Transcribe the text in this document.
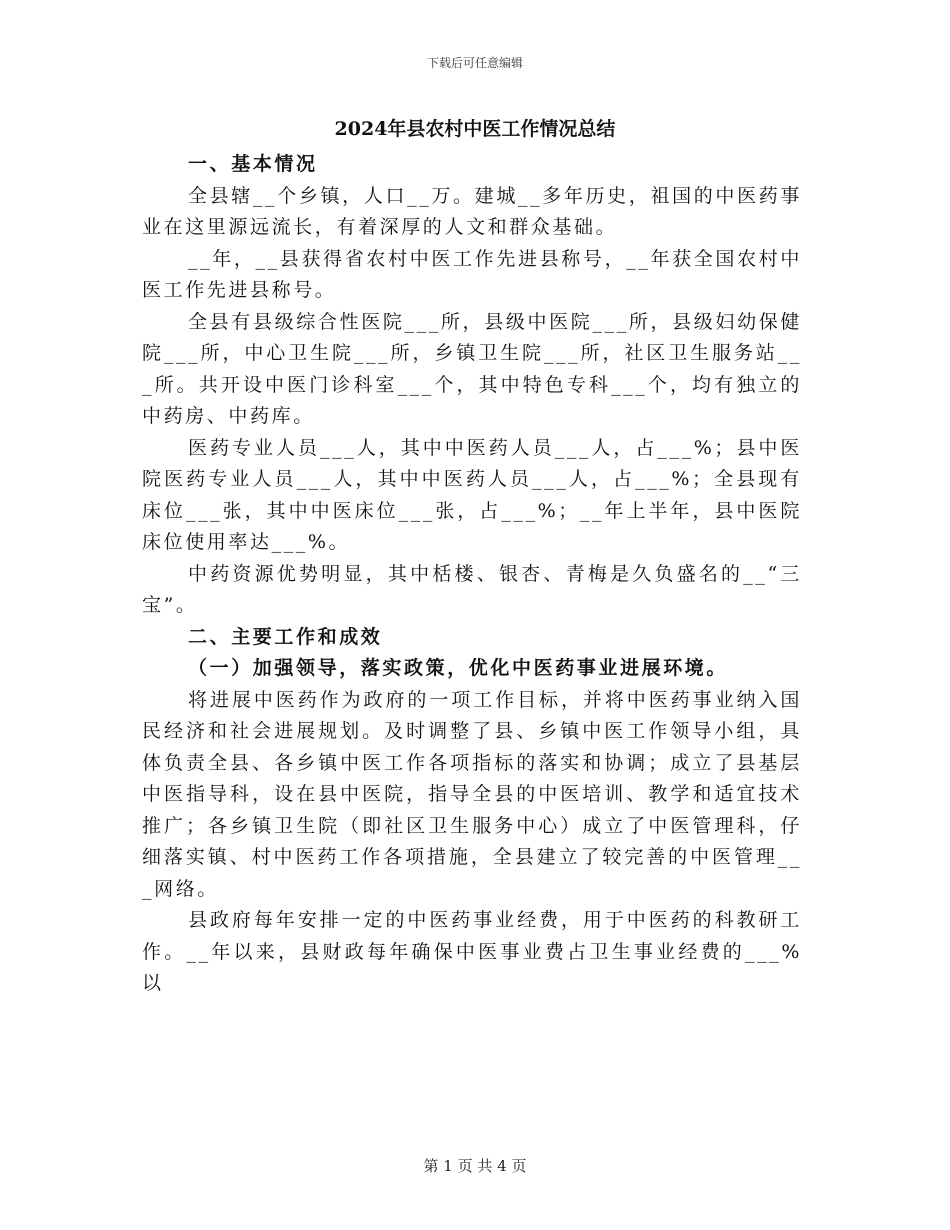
下载后可任意编辑
2024年县农村中医工作情况总结
一、基本情况

全县辖__个乡镇，人口__万。建城__多年历史，祖国的中医药事业在这里源远流长，有着深厚的人文和群众基础。

__年，__县获得省农村中医工作先进县称号，__年获全国农村中医工作先进县称号。

全县有县级综合性医院___所，县级中医院___所，县级妇幼保健院___所，中心卫生院___所，乡镇卫生院___所，社区卫生服务站___所。共开设中医门诊科室___个，其中特色专科___个，均有独立的中药房、中药库。

医药专业人员___人，其中中医药人员___人，占___%；县中医院医药专业人员___人，其中中医药人员___人，占___%；全县现有床位___张，其中中医床位___张，占___%；__年上半年，县中医院床位使用率达___%。

中药资源优势明显，其中栝楼、银杏、青梅是久负盛名的__“三宝”。

二、主要工作和成效
（一）加强领导，落实政策，优化中医药事业进展环境。

将进展中医药作为政府的一项工作目标，并将中医药事业纳入国民经济和社会进展规划。及时调整了县、乡镇中医工作领导小组，具体负责全县、各乡镇中医工作各项指标的落实和协调；成立了县基层中医指导科，设在县中医院，指导全县的中医培训、教学和适宜技术推广；各乡镇卫生院（即社区卫生服务中心）成立了中医管理科，仔细落实镇、村中医药工作各项措施，全县建立了较完善的中医管理___网络。

县政府每年安排一定的中医药事业经费，用于中医药的科教研工作。__年以来，县财政每年确保中医事业费占卫生事业经费的___%以

第 1 页 共 4 页
